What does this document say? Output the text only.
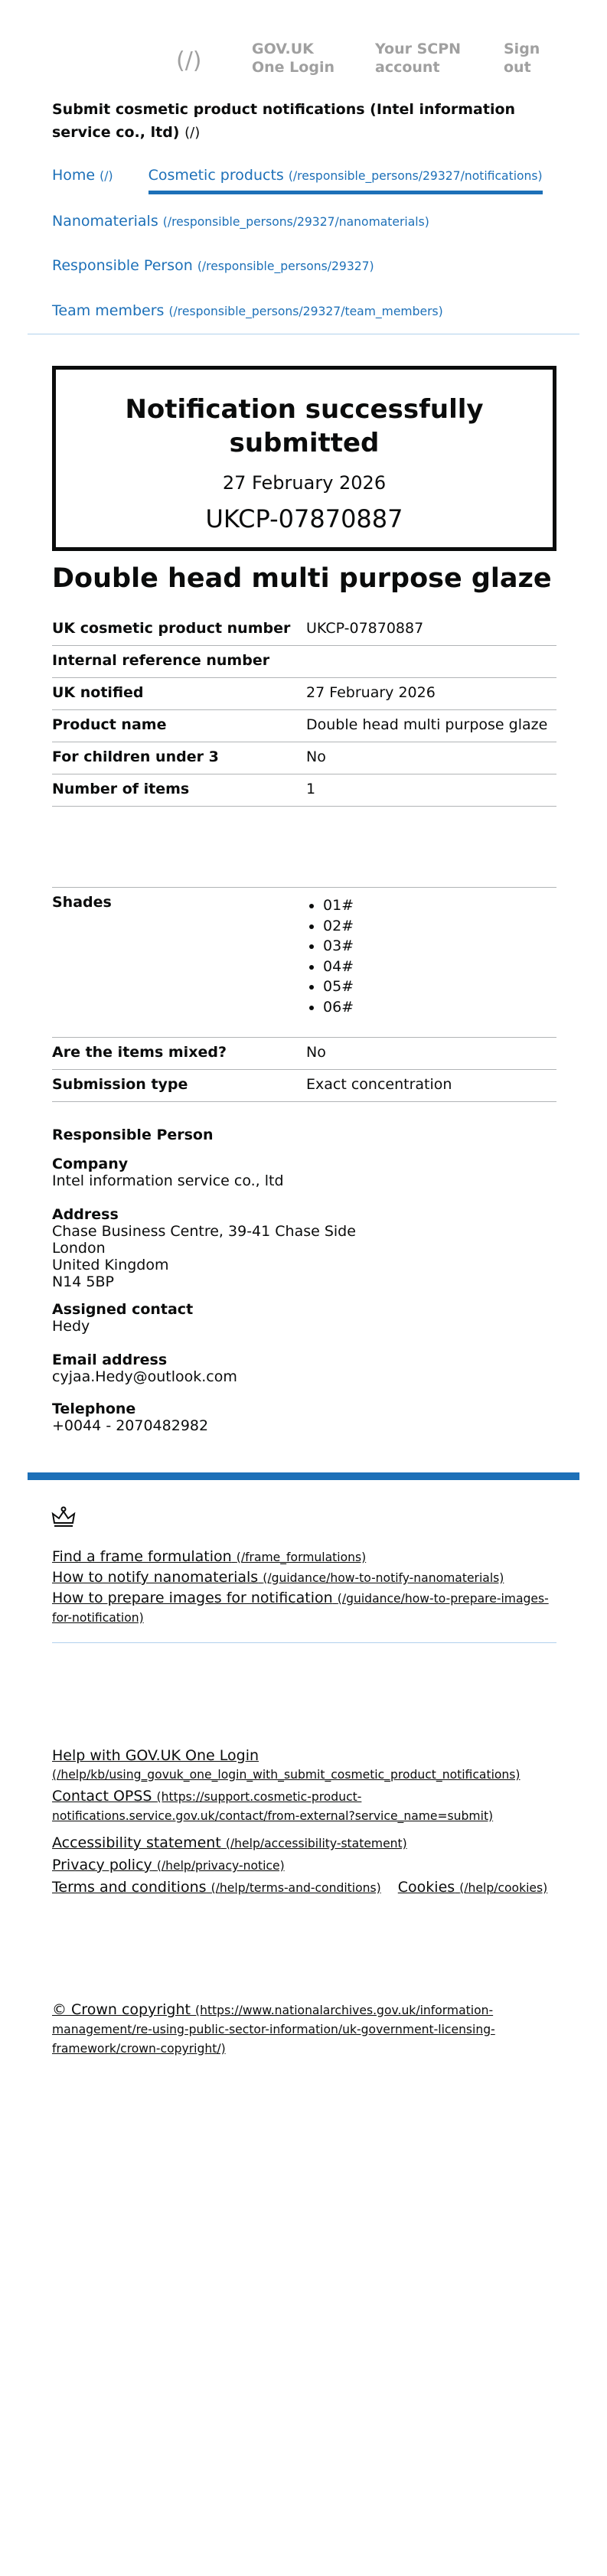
(/)	GOV.UK One Login
Your SCPN account
Sign out
Submit cosmetic product notifications (Intel information service co., ltd) (/)
Home (/) Cosmetic products (/responsible_persons/29327/notifications)
Nanomaterials (/responsible_persons/29327/nanomaterials)
Responsible Person (/responsible_persons/29327)
Team members (/responsible_persons/29327/team_members)
Notification successfully submitted
27 February 2026
UKCP-07870887
Double head multi purpose glaze
UK cosmetic product number UKCP-07870887
Internal reference number
UK notified	27 February 2026
Product name	Double head multi purpose glaze
For children under 3	No
Number of items	1
Shades
•	01#
• 02#
• 03#
• 04#
• 05#
• 06#
Are the items mixed?	No
Submission type	Exact concentration
Responsible Person
Company
Intel information service co., ltd
Address
Chase Business Centre, 39-41 Chase Side
London
United Kingdom
N14 5BP
Assigned contact
Hedy
Email address
cyjaa.Hedy@outlook.com
Telephone
+0044 - 2070482982
Find a frame formulation (/frame_formulations)
How to notify nanomaterials (/guidance/how-to-notify-nanomaterials)
How to prepare images for notification (/guidance/how-to-prepare-images-for-notification)
Help with GOV.UK One Login (/help/kb/using_govuk_one_login_with_submit_cosmetic_product_notifications)
Contact OPSS (https://support.cosmetic-product-notifications.service.gov.uk/contact/from-external?service_name=submit)
Accessibility statement (/help/accessibility-statement)
Privacy policy (/help/privacy-notice)
Terms and conditions (/help/terms-and-conditions) Cookies (/help/cookies)
© Crown copyright (https://www.nationalarchives.gov.uk/information-management/re-using-public-sector-information/uk-government-licensing-framework/crown-copyright/)
